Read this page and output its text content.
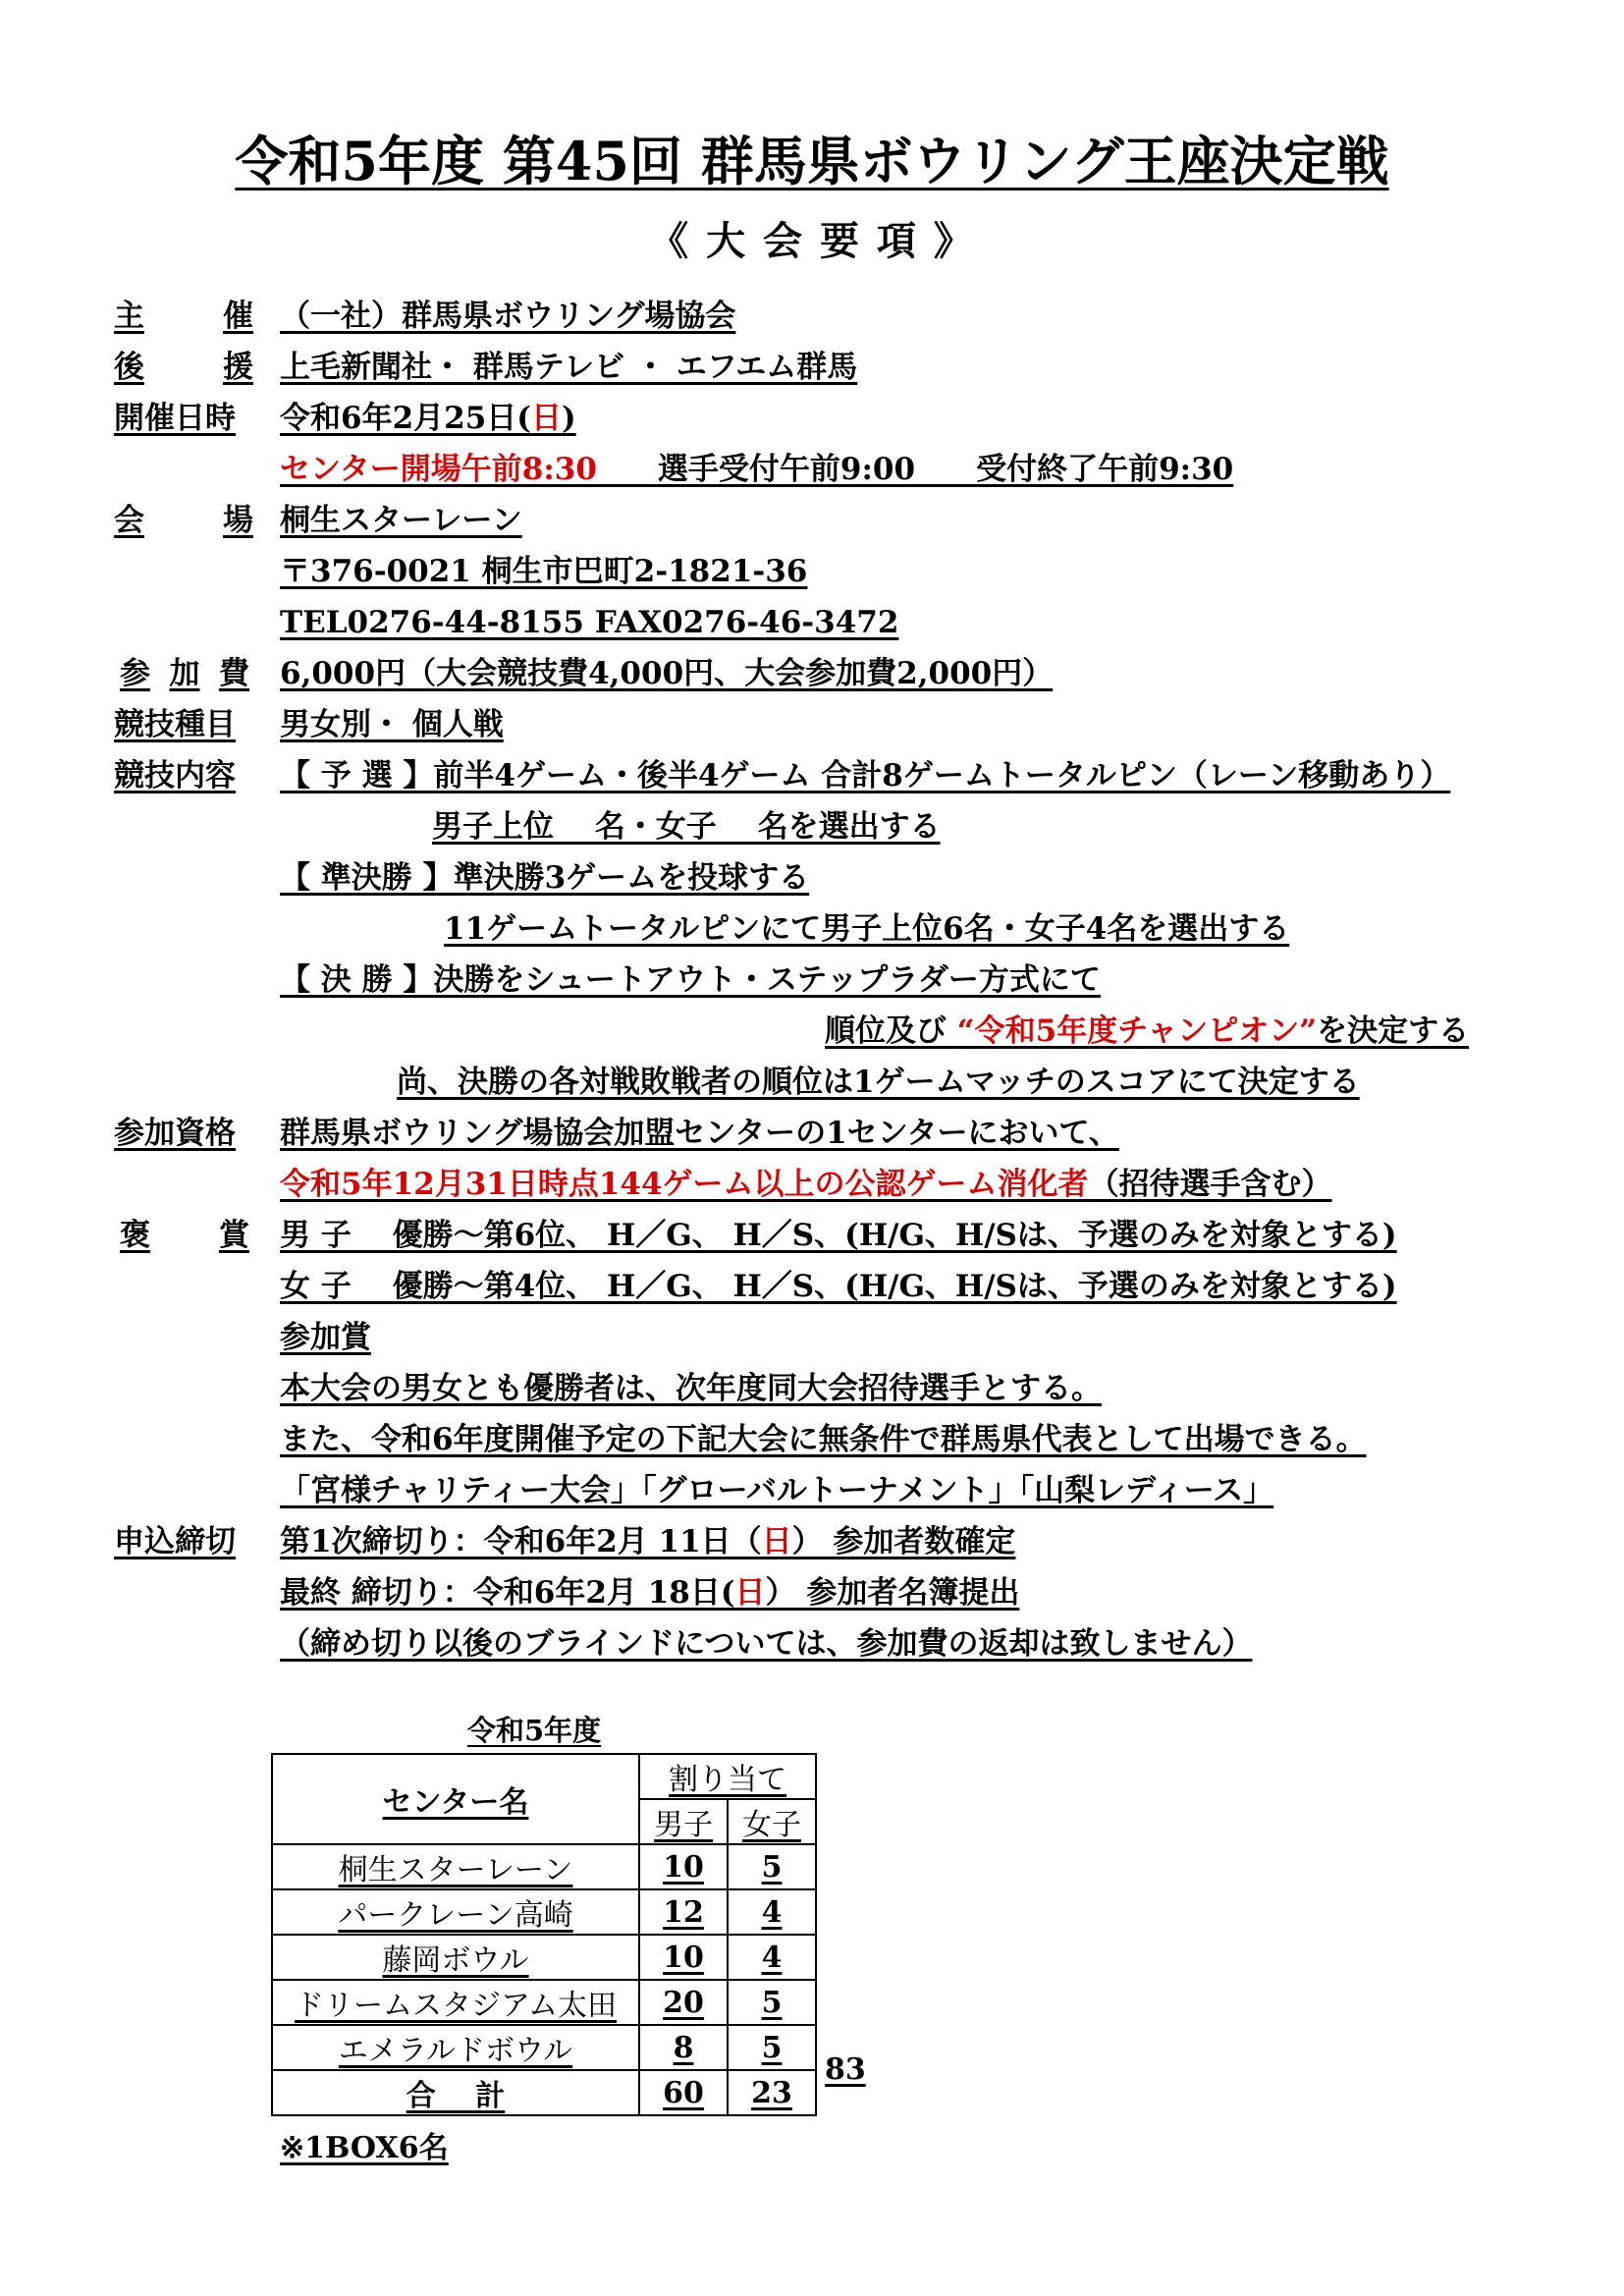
令和5年度 第45回 群馬県ボウリング王座決定戦
《 大 会 要 項 》
主	催 （一社）群馬県ボウリング場協会
後	援 上毛新聞社・ 群馬テレビ ・ エフエム群馬
開催日時	令和6年2月25日(日)
センター開場午前8:30　　 選手受付午前9:00　　 受付終了午前9:30
会	場 桐生スターレーン
〒376-0021 桐生市巴町2-1821-36
TEL0276-44-8155 FAX0276-46-3472
参 加 費 6,000円（大会競技費4,000円、大会参加費2,000円）
競技種目	男女別・ 個人戦
競技内容	【 予 選 】前半4ゲーム・後半4ゲーム 合計8ゲームトータルピン（レーン移動あり）
男子上位　 名・女子　 名を選出する
【 準決勝 】準決勝3ゲームを投球する
11ゲームトータルピンにて男子上位6名・女子4名を選出する
【 決 勝 】決勝をシュートアウト・ステップラダー方式にて
順位及び “令和5年度チャンピオン”を決定する
尚、決勝の各対戦敗戦者の順位は1ゲームマッチのスコアにて決定する
参加資格	群馬県ボウリング場協会加盟センターの1センターにおいて、
令和5年12月31日時点144ゲーム以上の公認ゲーム消化者（招待選手含む）
褒 賞 男 子　 優勝～第6位、 H／G、 H／S、(H/G、H/Sは、予選のみを対象とする)
女 子　 優勝～第4位、 H／G、 H／S、(H/G、H/Sは、予選のみを対象とする)
参加賞
本大会の男女とも優勝者は、次年度同大会招待選手とする。
また、令和6年度開催予定の下記大会に無条件で群馬県代表として出場できる。
「宮様チャリティー大会」「グローバルトーナメント」「山梨レディース」
申込締切	第1次締切り：令和6年2月 11日（日） 参加者数確定
最終 締切り：令和6年2月 18日(日） 参加者名簿提出
（締め切り以後のブラインドについては、参加費の返却は致しません）
令和5年度
センター名	割り当て	
	男子	女子
桐生スターレーン	10	5
パークレーン高崎	12	4
藤岡ボウル	10	4
ドリームスタジアム太田	20	5
エメラルドボウル	8	5
合　 計	60	23
83
※1BOX6名
